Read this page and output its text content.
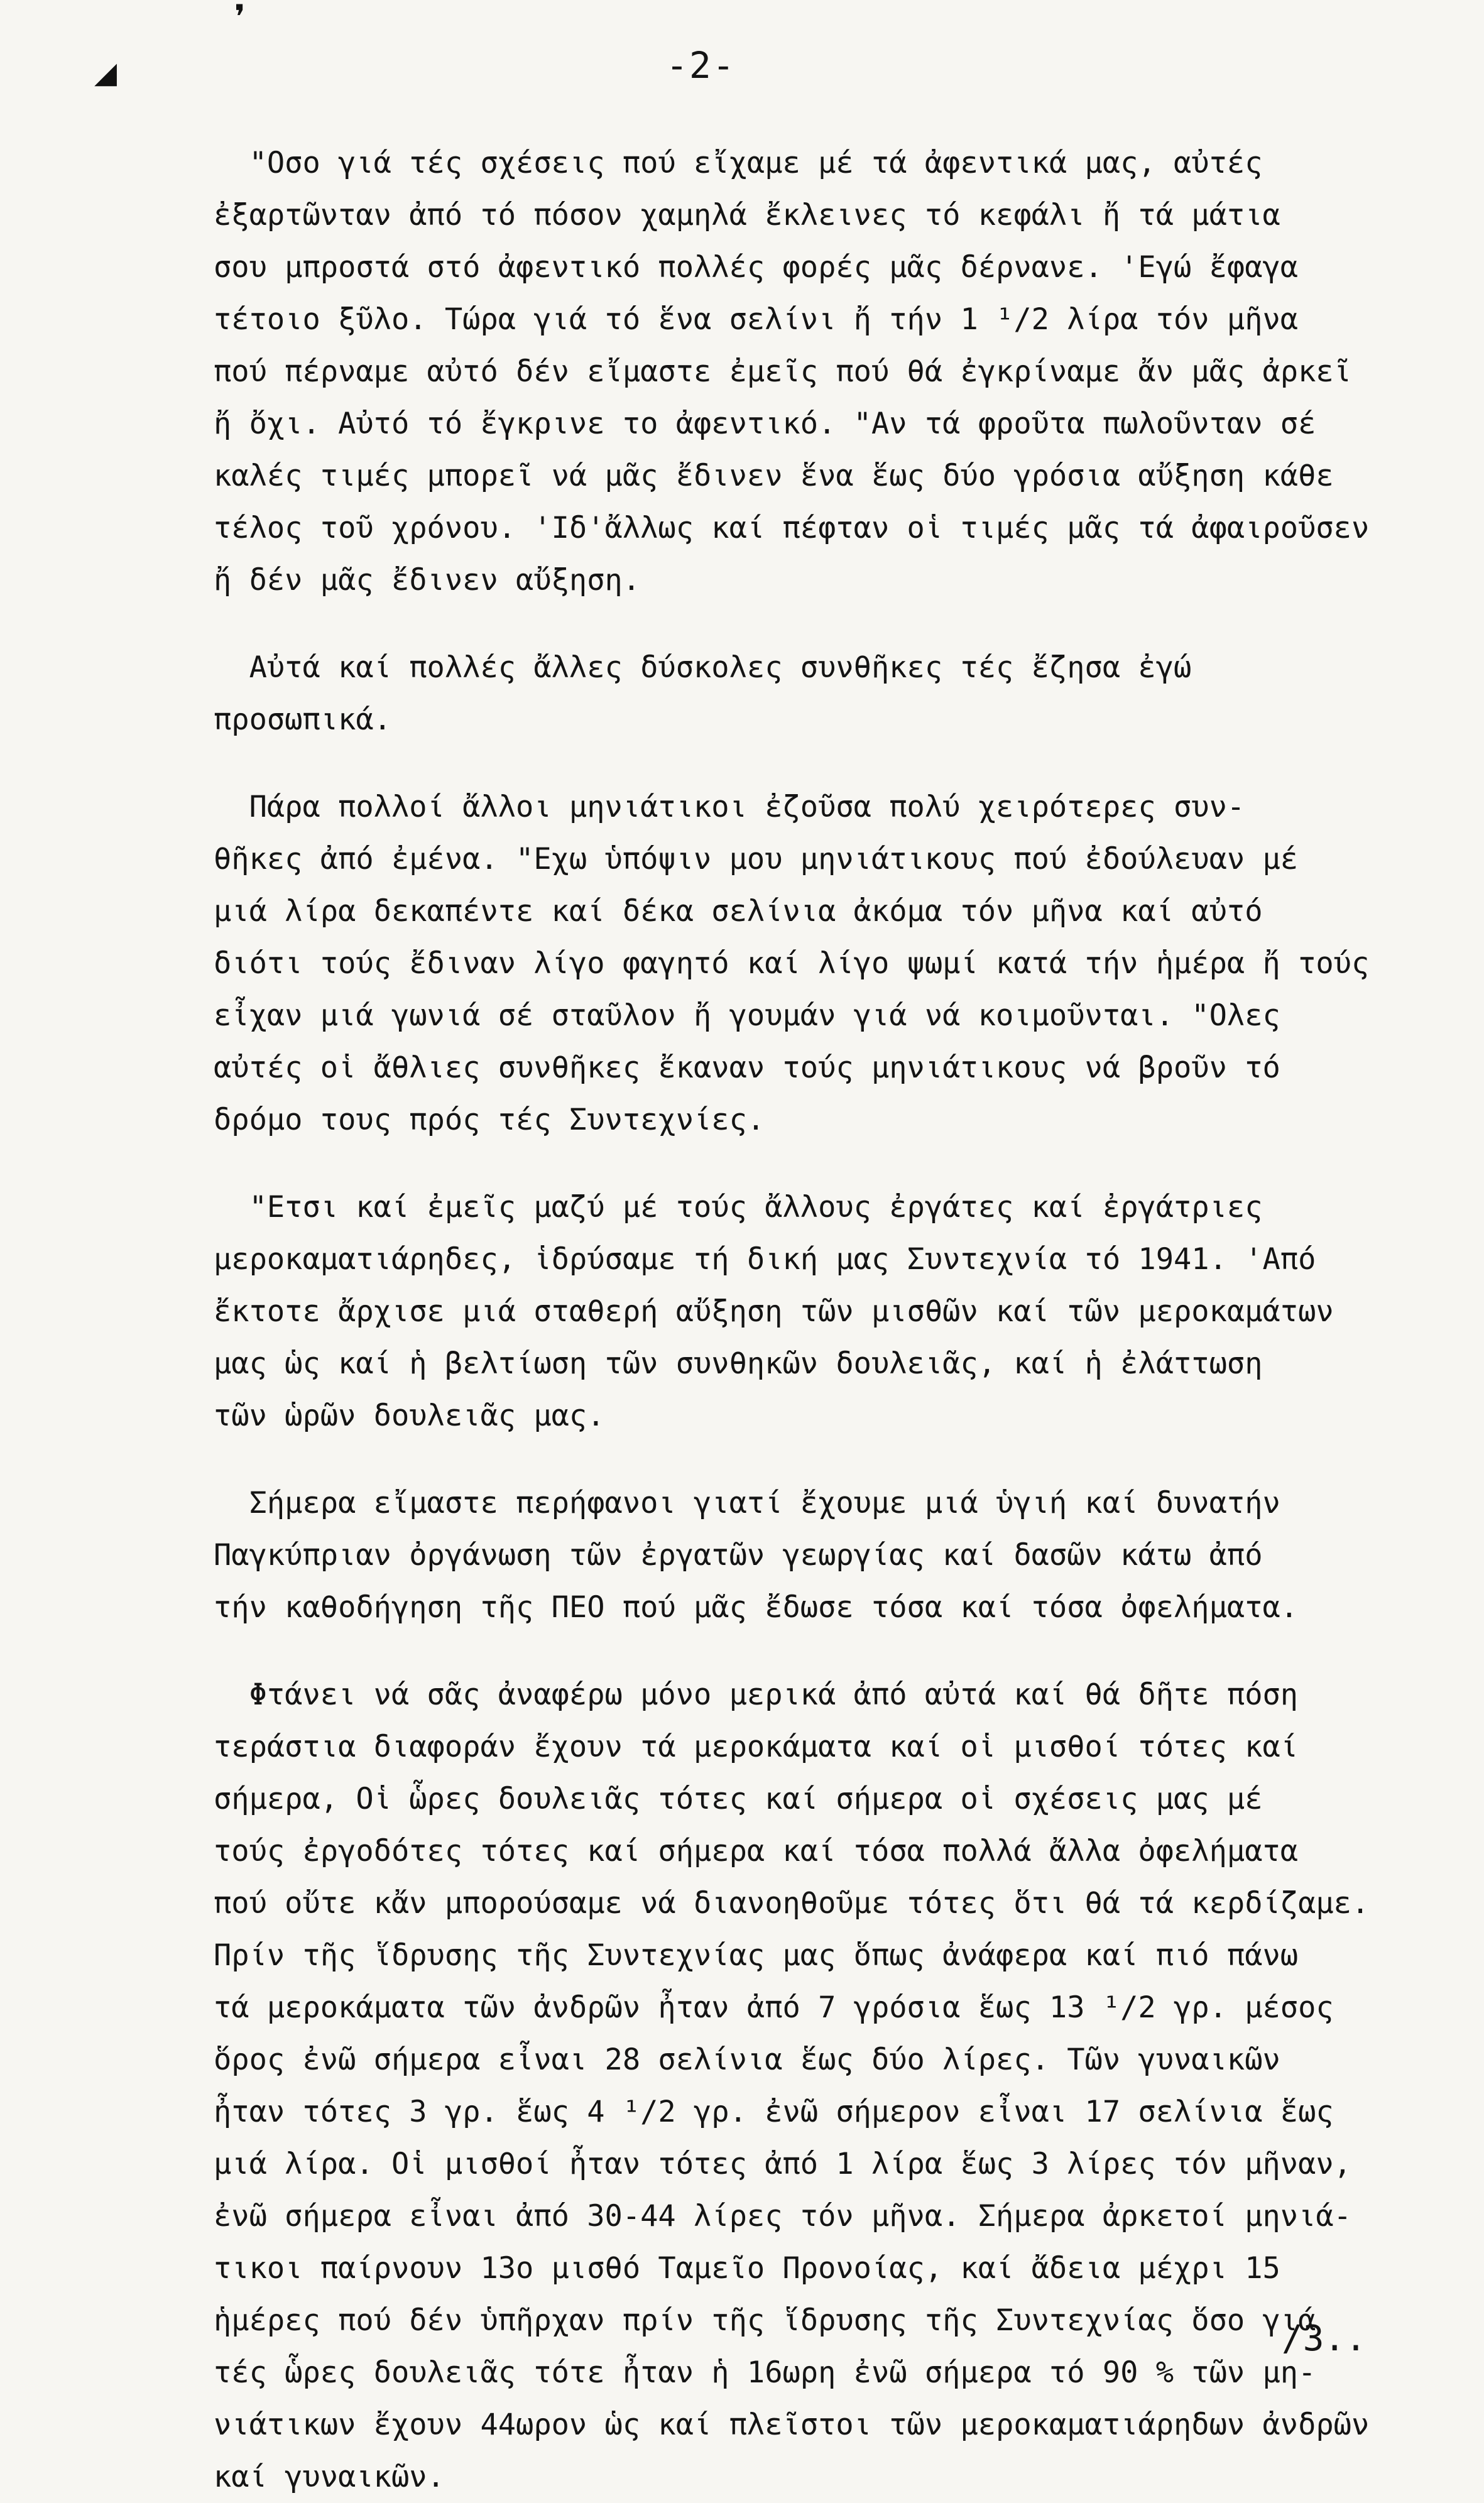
❜
◢	-2-
"Οσο γιά τές σχέσεις πού εἴχαμε μέ τά ἀφεντικά μας, αὐτές
ἐξαρτῶνταν ἀπό τό πόσον χαμηλά ἔκλεινες τό κεφάλι ἤ τά μάτια
σου μπροστά στό ἀφεντικό πολλές φορές μᾶς δέρνανε. 'Εγώ ἔφαγα
τέτοιο ξῦλο. Τώρα γιά τό ἕνα σελίνι ἤ τήν 1 ¹/2 λίρα τόν μῆνα
πού πέρναμε αὐτό δέν εἴμαστε ἐμεῖς πού θά ἐγκρίναμε ἄν μᾶς ἀρκεῖ
ἤ ὄχι. Αὐτό τό ἔγκρινε το ἀφεντικό. "Αν τά φροῦτα πωλοῦνταν σέ
καλές τιμές μπορεῖ νά μᾶς ἔδινεν ἕνα ἕως δύο γρόσια αὔξηση κάθε
τέλος τοῦ χρόνου. 'Ιδ'ἄλλως καί πέφταν οἱ τιμές μᾶς τά ἀφαιροῦσεν
ἤ δέν μᾶς ἔδινεν αὔξηση.
Αὐτά καί πολλές ἄλλες δύσκολες συνθῆκες τές ἔζησα ἐγώ
προσωπικά.
Πάρα πολλοί ἄλλοι μηνιάτικοι ἐζοῦσα πολύ χειρότερες συν-
θῆκες ἀπό ἐμένα. "Εχω ὑπόψιν μου μηνιάτικους πού ἐδούλευαν μέ
μιά λίρα δεκαπέντε καί δέκα σελίνια ἀκόμα τόν μῆνα καί αὐτό
διότι τούς ἔδιναν λίγο φαγητό καί λίγο ψωμί κατά τήν ἡμέρα ἤ τούς
εἶχαν μιά γωνιά σέ σταῦλον ἤ γουμάν γιά νά κοιμοῦνται. "Ολες
αὐτές οἱ ἄθλιες συνθῆκες ἔκαναν τούς μηνιάτικους νά βροῦν τό
δρόμο τους πρός τές Συντεχνίες.
"Ετσι καί ἐμεῖς μαζύ μέ τούς ἄλλους ἐργάτες καί ἐργάτριες
μεροκαματιάρηδες, ἱδρύσαμε τή δική μας Συντεχνία τό 1941. 'Από
ἔκτοτε ἄρχισε μιά σταθερή αὔξηση τῶν μισθῶν καί τῶν μεροκαμάτων
μας ὡς καί ἡ βελτίωση τῶν συνθηκῶν δουλειᾶς, καί ἡ ἐλάττωση
τῶν ὡρῶν δουλειᾶς μας.
Σήμερα εἴμαστε περήφανοι γιατί ἔχουμε μιά ὑγιή καί δυνατήν
Παγκύπριαν ὀργάνωση τῶν ἐργατῶν γεωργίας καί δασῶν κάτω ἀπό
τήν καθοδήγηση τῆς ΠΕΟ πού μᾶς ἔδωσε τόσα καί τόσα ὀφελήματα.
Φτάνει νά σᾶς ἀναφέρω μόνο μερικά ἀπό αὐτά καί θά δῆτε πόση
τεράστια διαφοράν ἔχουν τά μεροκάματα καί οἱ μισθοί τότες καί
σήμερα, Οἱ ὧρες δουλειᾶς τότες καί σήμερα οἱ σχέσεις μας μέ
τούς ἐργοδότες τότες καί σήμερα καί τόσα πολλά ἄλλα ὀφελήματα
πού οὔτε κἄν μπορούσαμε νά διανοηθοῦμε τότες ὅτι θά τά κερδίζαμε.
Πρίν τῆς ἵδρυσης τῆς Συντεχνίας μας ὅπως ἀνάφερα καί πιό πάνω
τά μεροκάματα τῶν ἀνδρῶν ἦταν ἀπό 7 γρόσια ἕως 13 ¹/2 γρ. μέσος
ὅρος ἐνῶ σήμερα εἶναι 28 σελίνια ἕως δύο λίρες. Τῶν γυναικῶν
ἦταν τότες 3 γρ. ἕως 4 ¹/2 γρ. ἐνῶ σήμερον εἶναι 17 σελίνια ἕως
μιά λίρα. Οἱ μισθοί ἦταν τότες ἀπό 1 λίρα ἕως 3 λίρες τόν μῆναν,
ἐνῶ σήμερα εἶναι ἀπό 30-44 λίρες τόν μῆνα. Σήμερα ἀρκετοί μηνιά-
τικοι παίρνουν 13ο μισθό Ταμεῖο Προνοίας, καί ἄδεια μέχρι 15
ἡμέρες πού δέν ὑπῆρχαν πρίν τῆς ἵδρυσης τῆς Συντεχνίας ὅσο γιά
τές ὧρες δουλειᾶς τότε ἦταν ἡ 16ωρη ἐνῶ σήμερα τό 90 % τῶν μη-
νιάτικων ἔχουν 44ωρον ὡς καί πλεῖστοι τῶν μεροκαματιάρηδων ἀνδρῶν
καί γυναικῶν.
/3..
